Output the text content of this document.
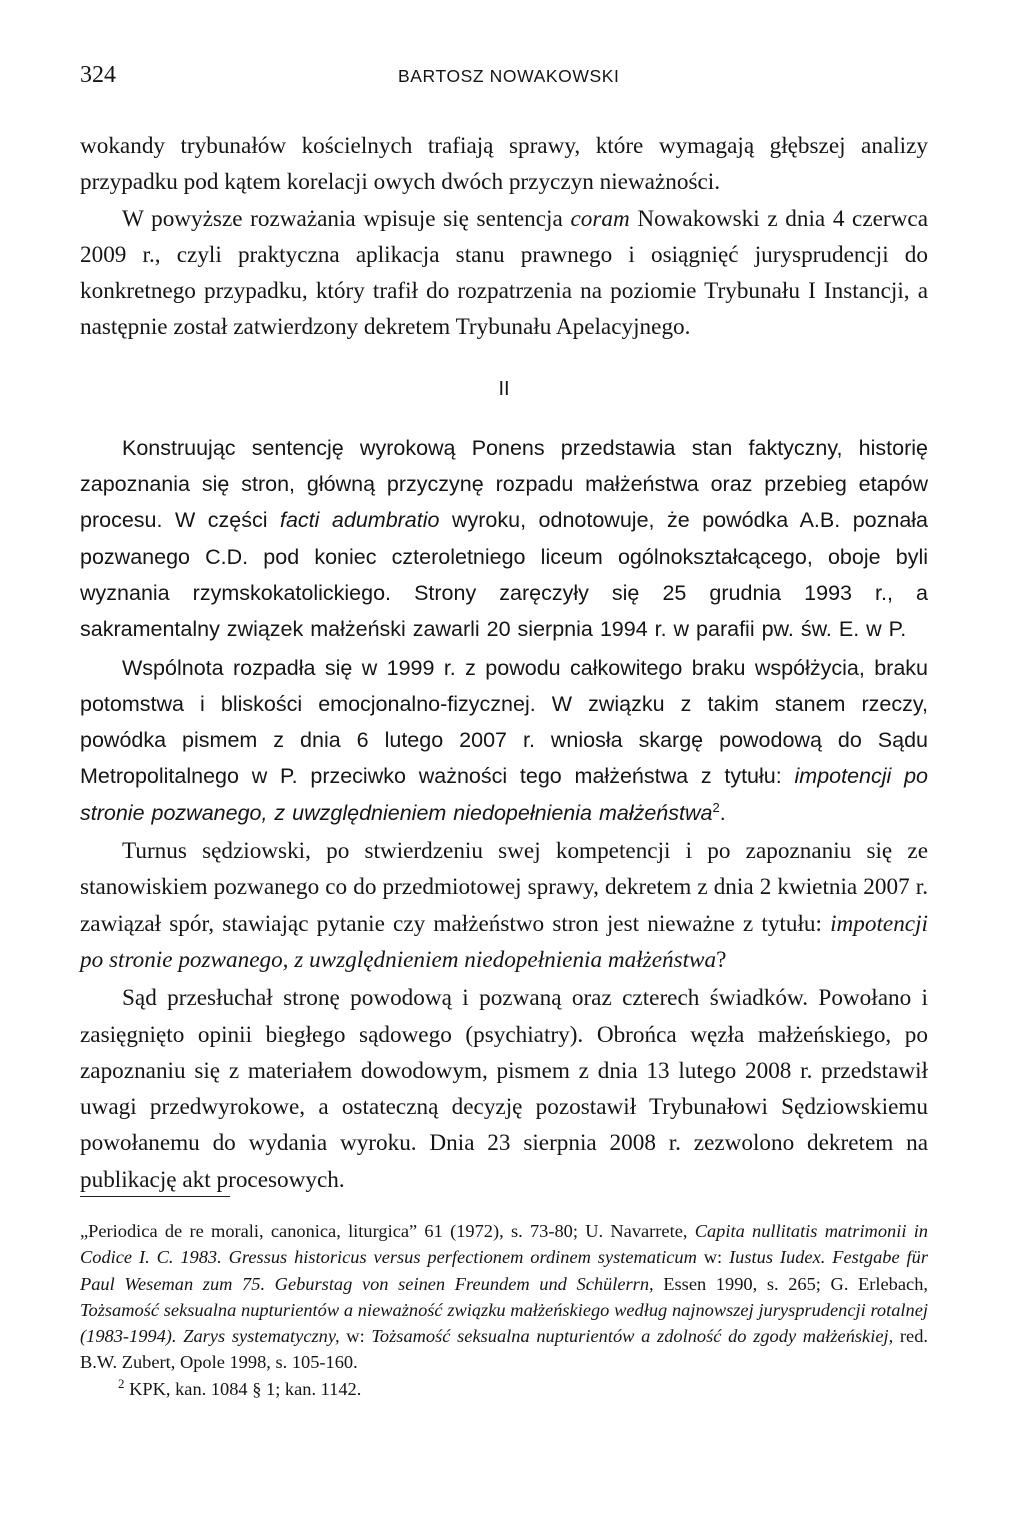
324	BARTOSZ NOWAKOWSKI

wokandy trybunałów kościelnych trafiają sprawy, które wymagają głębszej analizy przypadku pod kątem korelacji owych dwóch przyczyn nieważności.

W powyższe rozważania wpisuje się sentencja coram Nowakowski z dnia 4 czerwca 2009 r., czyli praktyczna aplikacja stanu prawnego i osiągnięć jurysprudencji do konkretnego przypadku, który trafił do rozpatrzenia na poziomie Trybunału I Instancji, a następnie został zatwierdzony dekretem Trybunału Apelacyjnego.

II

Konstruując sentencję wyrokową Ponens przedstawia stan faktyczny, historię zapoznania się stron, główną przyczynę rozpadu małżeństwa oraz przebieg etapów procesu. W części facti adumbratio wyroku, odnotowuje, że powódka A.B. poznała pozwanego C.D. pod koniec czteroletniego liceum ogólnokształcącego, oboje byli wyznania rzymskokatolickiego. Strony zaręczyły się 25 grudnia 1993 r., a sakramentalny związek małżeński zawarli 20 sierpnia 1994 r. w parafii pw. św. E. w P.

Wspólnota rozpadła się w 1999 r. z powodu całkowitego braku współżycia, braku potomstwa i bliskości emocjonalno-fizycznej. W związku z takim stanem rzeczy, powódka pismem z dnia 6 lutego 2007 r. wniosła skargę powodową do Sądu Metropolitalnego w P. przeciwko ważności tego małżeństwa z tytułu: impotencji po stronie pozwanego, z uwzględnieniem niedopełnienia małżeństwa$^2$.

Turnus sędziowski, po stwierdzeniu swej kompetencji i po zapoznaniu się ze stanowiskiem pozwanego co do przedmiotowej sprawy, dekretem z dnia 2 kwietnia 2007 r. zawiązał spór, stawiając pytanie czy małżeństwo stron jest nieważne z tytułu: impotencji po stronie pozwanego, z uwzględnieniem niedopełnienia małżeństwa?

Sąd przesłuchał stronę powodową i pozwaną oraz czterech świadków. Powołano i zasięgnięto opinii biegłego sądowego (psychiatry). Obrońca węzła małżeńskiego, po zapoznaniu się z materiałem dowodowym, pismem z dnia 13 lutego 2008 r. przedstawił uwagi przedwyrokowe, a ostateczną decyzję pozostawił Trybunałowi Sędziowskiemu powołanemu do wydania wyroku. Dnia 23 sierpnia 2008 r. zezwolono dekretem na publikację akt procesowych.

„Periodica de re morali, canonica, liturgica” 61 (1972), s. 73-80; U. Navarrete, Capita nullitatis matrimonii in Codice I. C. 1983. Gressus historicus versus perfectionem ordinem systematicum w: Iustus Iudex. Festgabe für Paul Weseman zum 75. Geburstag von seinen Freundem und Schülerrn, Essen 1990, s. 265; G. Erlebach, Tożsamość seksualna nupturientów a nieważność związku małżeńskiego według najnowszej jurysprudencji rotalnej (1983-1994). Zarys systematyczny, w: Tożsamość seksualna nupturientów a zdolność do zgody małżeńskiej, red. B.W. Zubert, Opole 1998, s. 105-160.

$^2$ KPK, kan. 1084 § 1; kan. 1142.
